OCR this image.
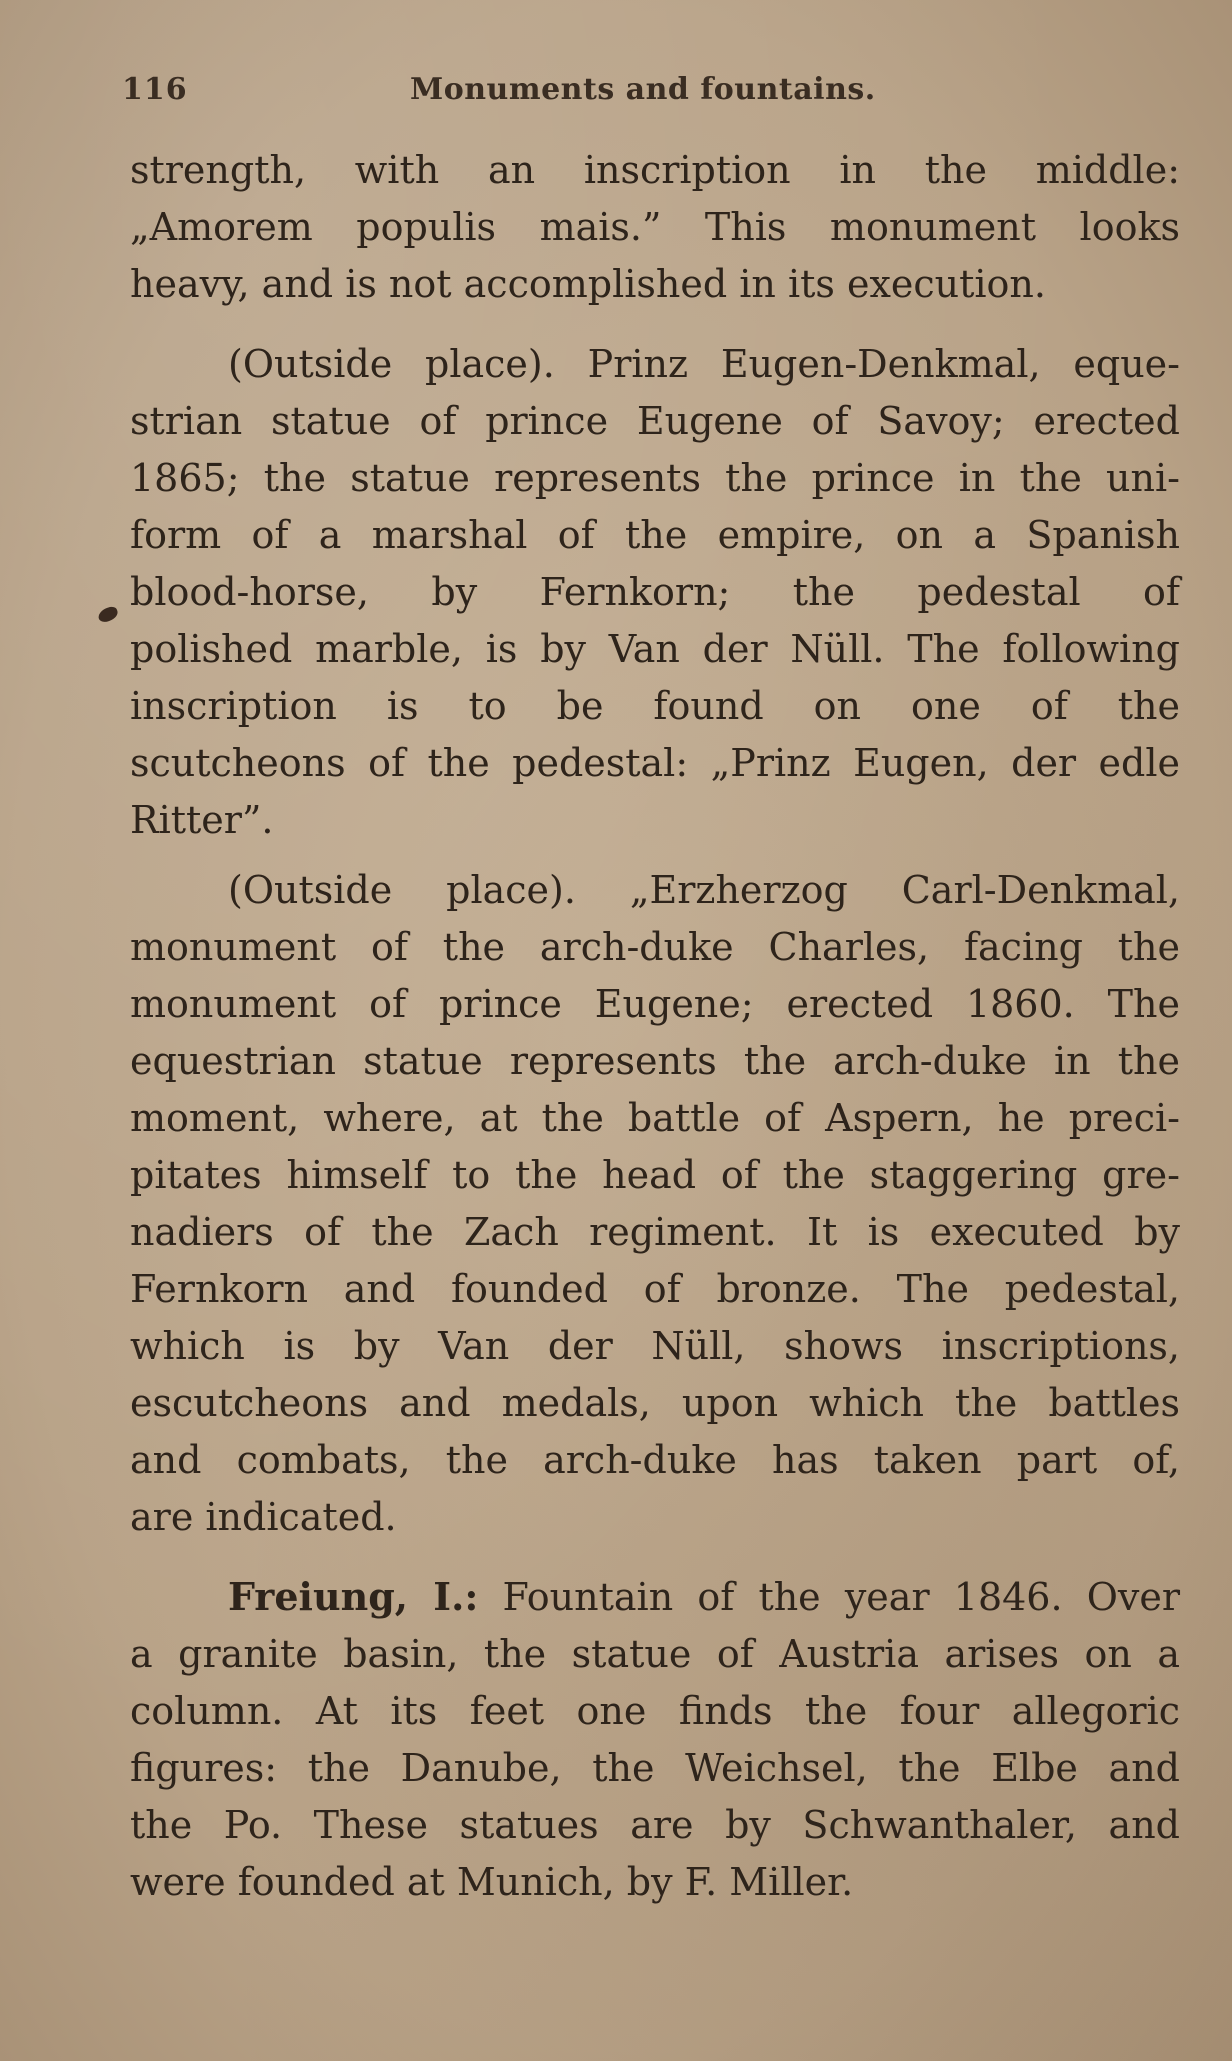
116	Monuments and fountains.
strength, with an inscription in the middle:
„Amorem populis mais.” This monument looks
heavy, and is not accomplished in its execution.
(Outside place). Prinz Eugen-Denkmal, eque-
strian statue of prince Eugene of Savoy; erected
1865; the statue represents the prince in the uni-
form of a marshal of the empire, on a Spanish
blood-horse, by Fernkorn; the pedestal of
polished marble, is by Van der Nüll. The following
inscription is to be found on one of the
scutcheons of the pedestal: „Prinz Eugen, der edle
Ritter”.
(Outside place). „Erzherzog Carl-Denkmal,
monument of the arch-duke Charles, facing the
monument of prince Eugene; erected 1860. The
equestrian statue represents the arch-duke in the
moment, where, at the battle of Aspern, he preci-
pitates himself to the head of the staggering gre-
nadiers of the Zach regiment. It is executed by
Fernkorn and founded of bronze. The pedestal,
which is by Van der Nüll, shows inscriptions,
escutcheons and medals, upon which the battles
and combats, the arch-duke has taken part of,
are indicated.
Freiung, I.: Fountain of the year 1846. Over
a granite basin, the statue of Austria arises on a
column. At its feet one finds the four allegoric
figures: the Danube, the Weichsel, the Elbe and
the Po. These statues are by Schwanthaler, and
were founded at Munich, by F. Miller.
